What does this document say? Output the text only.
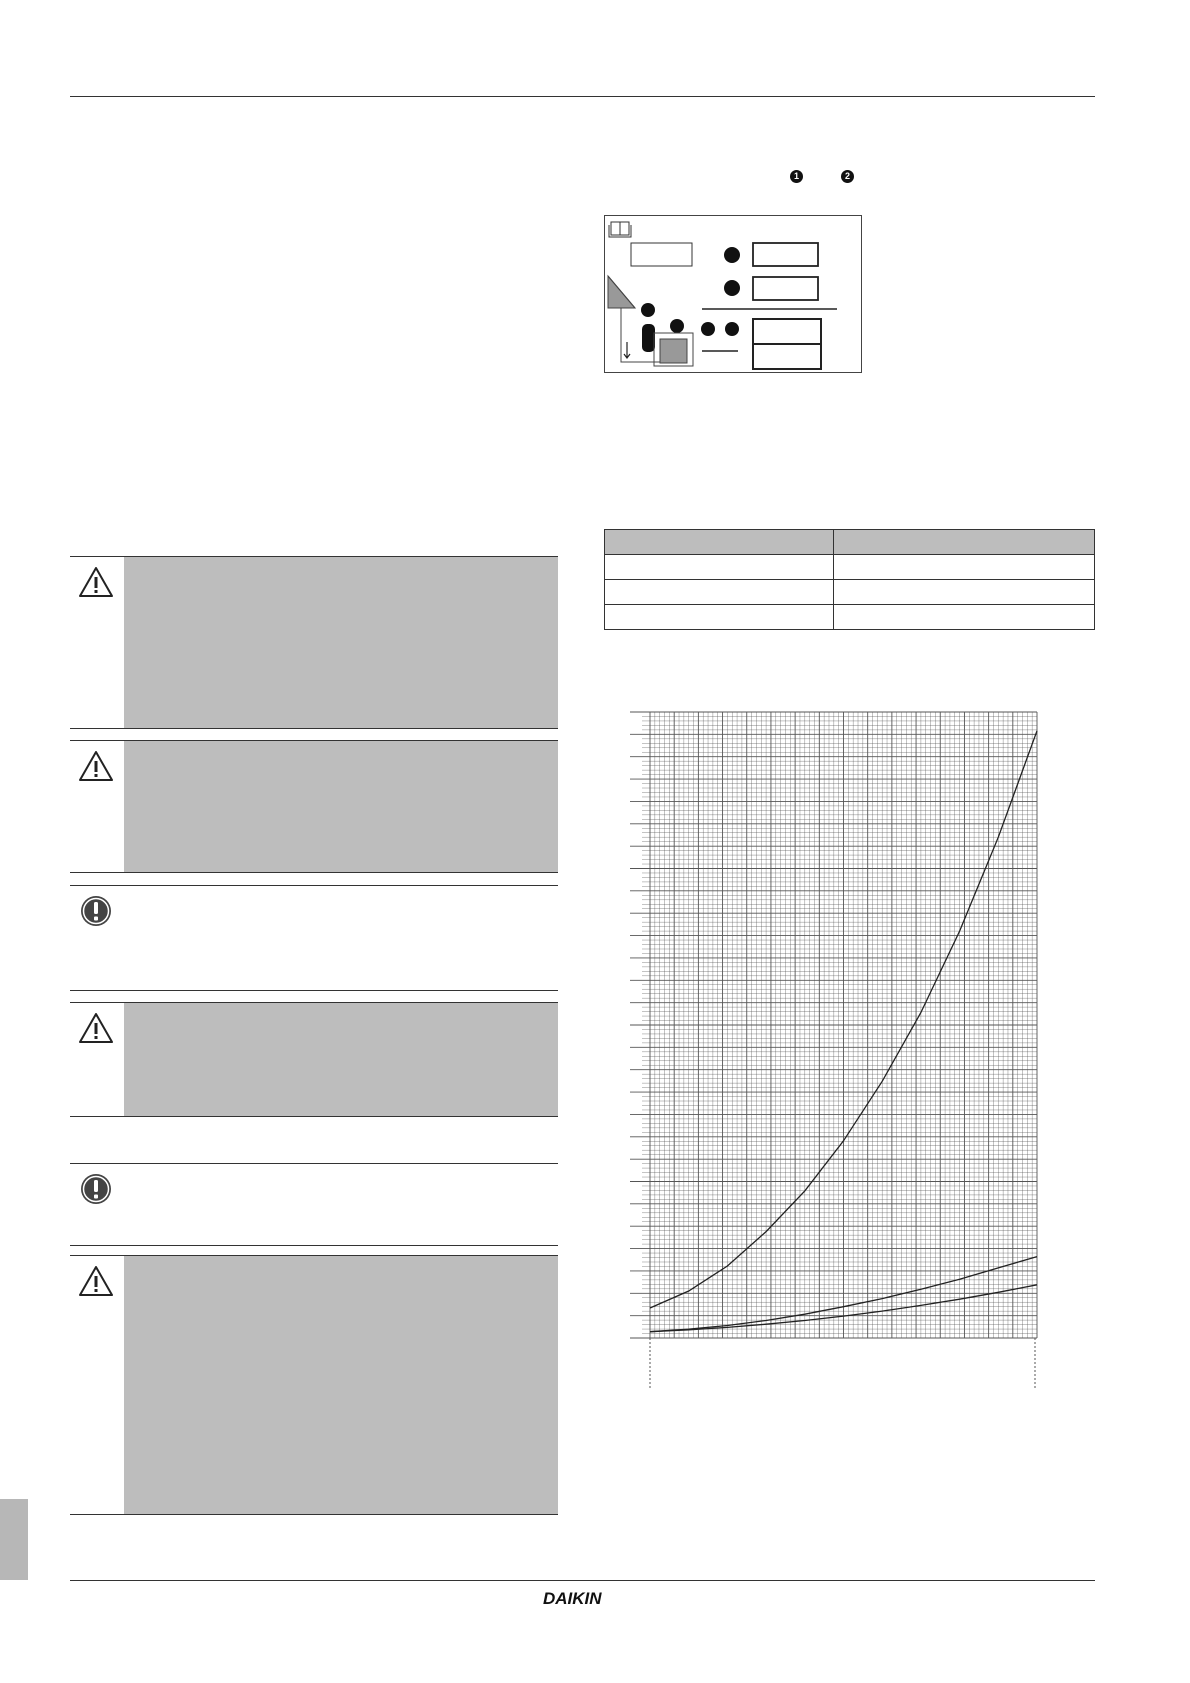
1	2

DAIKIN
